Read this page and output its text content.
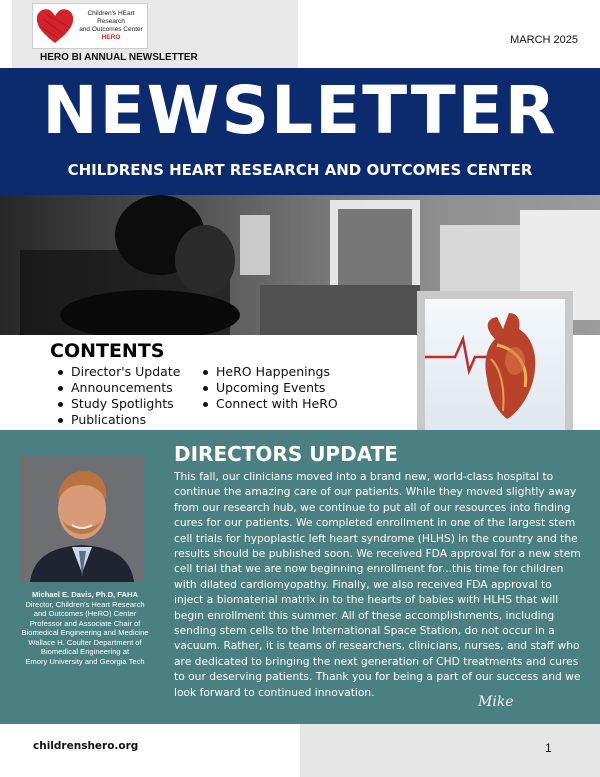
Children's HEart
Research
and Outcomes Center
HERO
HERO BI ANNUAL NEWSLETTER
MARCH 2025
NEWSLETTER
CHILDRENS HEART RESEARCH AND OUTCOMES CENTER
CONTENTS
Director's Update
Announcements
Study Spotlights
Publications
HeRO Happenings
Upcoming Events
Connect with HeRO
Michael E. Davis, Ph.D, FAHA
Director, Children's Heart Research
and Outcomes (HeRO) Center
Professor and Associate Chair of
Biomedical Engineering and Medicine
Wallace H. Coulter Department of
Biomedical Engineering at
Emory University and Georgia Tech
DIRECTORS UPDATE
This fall, our clinicians moved into a brand new, world-class hospital to continue the amazing care of our patients. While they moved slightly away from our research hub, we continue to put all of our resources into finding cures for our patients. We completed enrollment in one of the largest stem cell trials for hypoplastic left heart syndrome (HLHS) in the country and the results should be published soon. We received FDA approval for a new stem cell trial that we are now beginning enrollment for...this time for children with dilated cardiomyopathy. Finally, we also received FDA approval to inject a biomaterial matrix in to the hearts of babies with HLHS that will begin enrollment this summer. All of these accomplishments, including sending stem cells to the International Space Station, do not occur in a vacuum. Rather, it is teams of researchers, clinicians, nurses, and staff who are dedicated to bringing the next generation of CHD treatments and cures to our deserving patients. Thank you for being a part of our success and we look forward to continued innovation.
Mike
childrenshero.org	1
